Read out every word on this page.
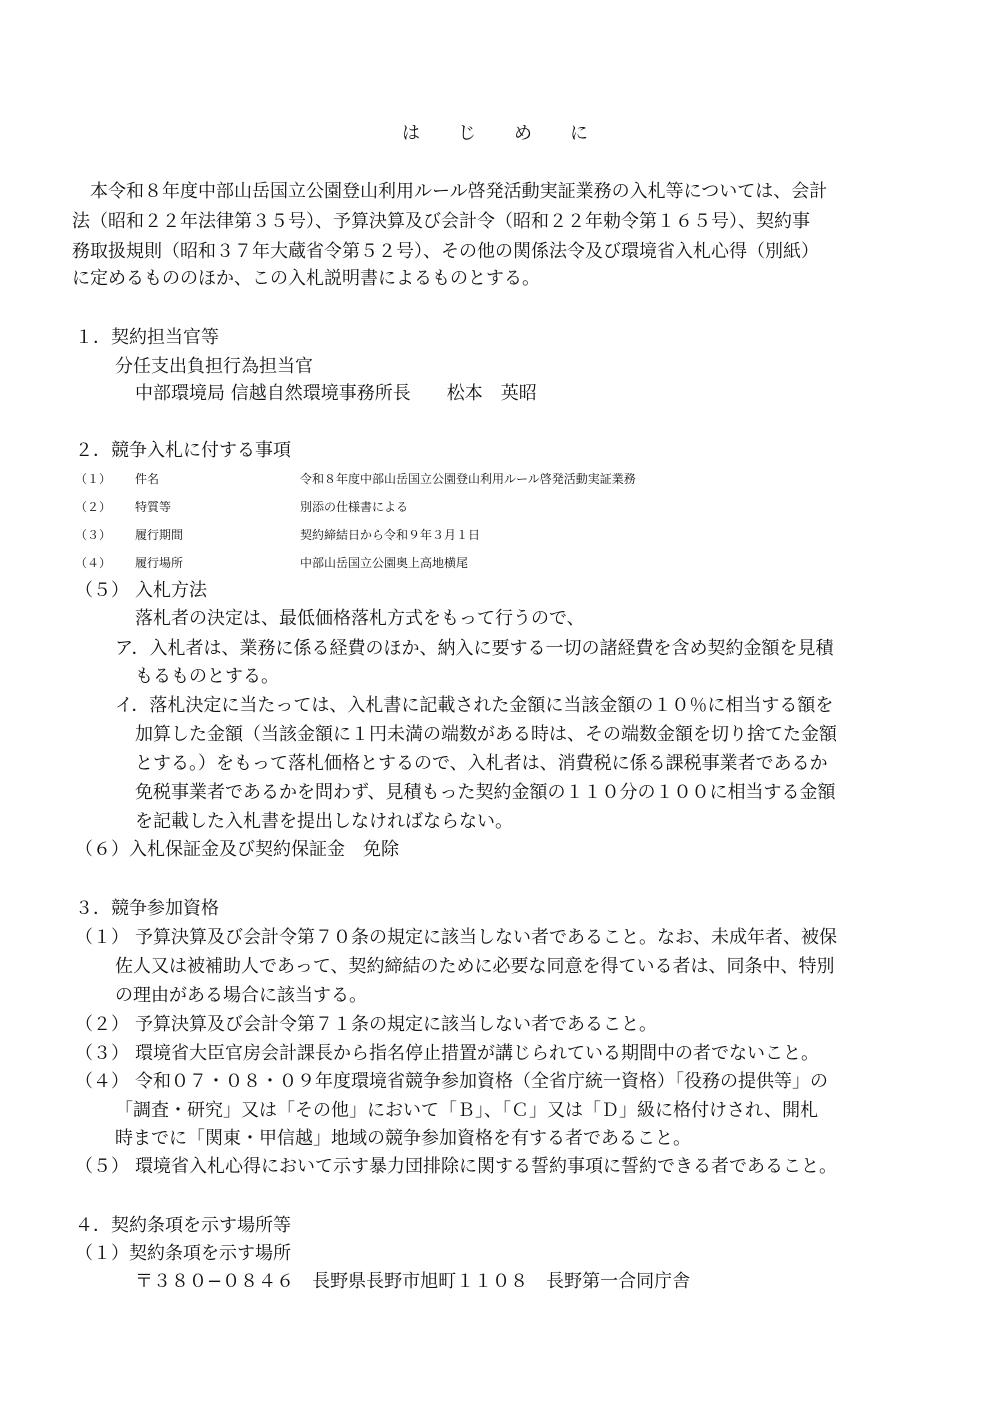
は　じ　め　に
本令和８年度中部山岳国立公園登山利用ルール啓発活動実証業務の入札等については、会計
法（昭和２２年法律第３５号）、予算決算及び会計令（昭和２２年勅令第１６５号）、契約事
務取扱規則（昭和３７年大蔵省令第５２号）、その他の関係法令及び環境省入札心得（別紙）
に定めるもののほか、この入札説明書によるものとする。
１．契約担当官等
分任支出負担行為担当官
中部環境局 信越自然環境事務所長　　松本　英昭
２．競争入札に付する事項
（１） 件名	令和８年度中部山岳国立公園登山利用ルール啓発活動実証業務
（２） 特質等	別添の仕様書による
（３） 履行期間	契約締結日から令和９年３月１日
（４） 履行場所	中部山岳国立公園奥上高地横尾
（５） 入札方法
落札者の決定は、最低価格落札方式をもって行うので、
ア．入札者は、業務に係る経費のほか、納入に要する一切の諸経費を含め契約金額を見積
もるものとする。
イ．落札決定に当たっては、入札書に記載された金額に当該金額の１０％に相当する額を
加算した金額（当該金額に１円未満の端数がある時は、その端数金額を切り捨てた金額
とする。）をもって落札価格とするので、入札者は、消費税に係る課税事業者であるか
免税事業者であるかを問わず、見積もった契約金額の１１０分の１００に相当する金額
を記載した入札書を提出しなければならない。
（６）入札保証金及び契約保証金　免除
３．競争参加資格
（１） 予算決算及び会計令第７０条の規定に該当しない者であること。なお、未成年者、被保
佐人又は被補助人であって、契約締結のために必要な同意を得ている者は、同条中、特別
の理由がある場合に該当する。
（２） 予算決算及び会計令第７１条の規定に該当しない者であること。
（３） 環境省大臣官房会計課長から指名停止措置が講じられている期間中の者でないこと。
（４） 令和０７・０８・０９年度環境省競争参加資格（全省庁統一資格）「役務の提供等」の
「調査・研究」又は「その他」において「Ｂ」、「Ｃ」又は「Ｄ」級に格付けされ、開札
時までに「関東・甲信越」地域の競争参加資格を有する者であること。
（５） 環境省入札心得において示す暴力団排除に関する誓約事項に誓約できる者であること。
４．契約条項を示す場所等
（１）契約条項を示す場所
〒３８０−０８４６　長野県長野市旭町１１０８　長野第一合同庁舎
